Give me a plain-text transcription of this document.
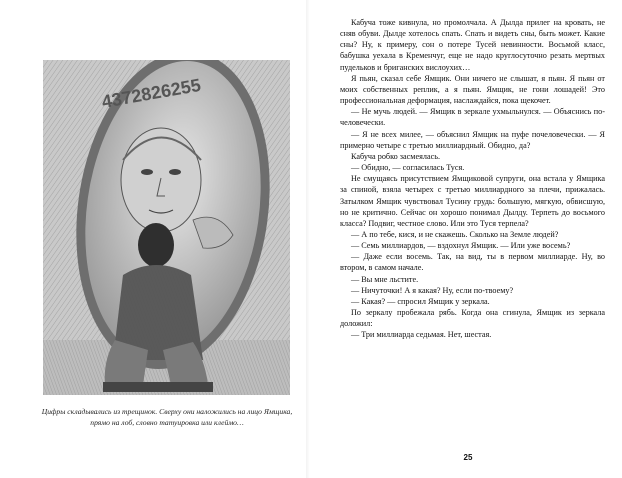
4372826255
Цифры складывались из трещинок. Сверху они наложились на лицо Ямщика, прямо на лоб, словно татуировка или клеймо…

Кабуча тоже кивнула, но промолчала. А Дылда прилег на кровать, не сняв обуви. Дылде хотелось спать. Спать и видеть сны, быть может. Какие сны? Ну, к примеру, сон о потере Тусей невинности. Восьмой класс, бабушка уехала в Кременчуг, еще не надо круглосуточно резать мертвых пудельков и бриганских вислоухих…

Я пьян, сказал себе Ямщик. Они ничего не слышат, я пьян. Я пьян от моих собственных реплик, а я пьян. Ямщик, не гони лошадей! Это профессиональная деформация, наслаждайся, пока щекочет.

— Не мучь людей. — Ямщик в зеркале ухмыльнулся. — Объяснись по-человечески.

— Я не всех милее, — объяснил Ямщик на пуфе почеловечески. — Я примерно четыре с третью миллиардный. Обидно, да?

Кабуча робко засмеялась.

— Обидно, — согласилась Туся.

Не смущаясь присутствием Ямщиковой супруги, она встала у Ямщика за спиной, взяла четырех с третью миллиардного за плечи, прижалась. Затылком Ямщик чувствовал Тусину грудь: большую, мягкую, обвисшую, но не критично. Сейчас он хорошо понимал Дылду. Терпеть до восьмого класса? Подвиг, честное слово. Или это Туся терпела?

— А по тебе, кися, и не скажешь. Сколько на Земле людей?

— Семь миллиардов, — вздохнул Ямщик. — Или уже восемь?

— Даже если восемь. Так, на вид, ты в первом миллиарде. Ну, во втором, в самом начале.

— Вы мне льстите.

— Ничуточки! А я какая? Ну, если по-твоему?

— Какая? — спросил Ямщик у зеркала.

По зеркалу пробежала рябь. Когда она сгинула, Ямщик из зеркала доложил:

— Три миллиарда седьмая. Нет, шестая.

25
